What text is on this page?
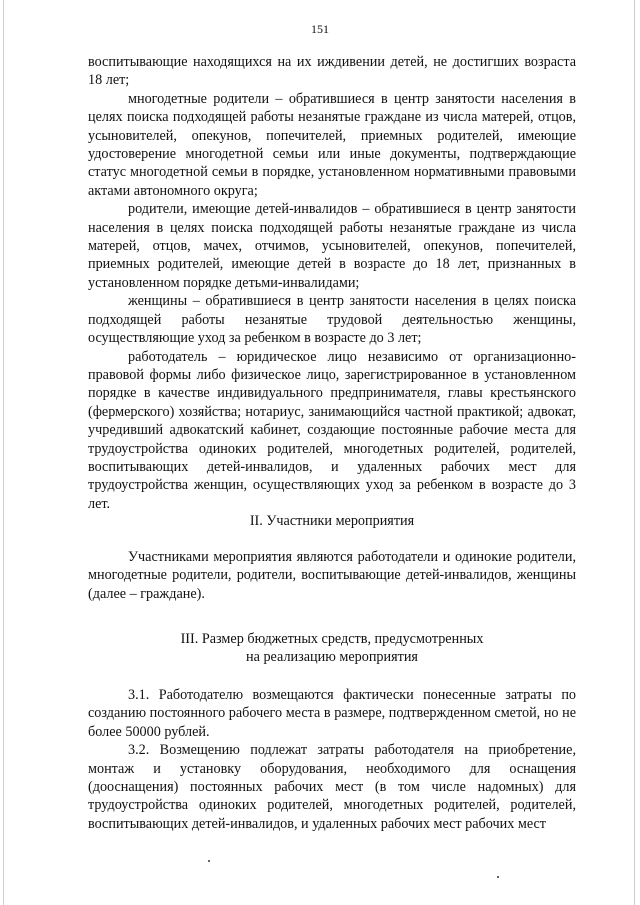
151

воспитывающие находящихся на их иждивении детей, не достигших возраста 18 лет;

многодетные родители – обратившиеся в центр занятости населения в целях поиска подходящей работы незанятые граждане из числа матерей, отцов, усыновителей, опекунов, попечителей, приемных родителей, имеющие удостоверение многодетной семьи или иные документы, подтверждающие статус многодетной семьи в порядке, установленном нормативными правовыми актами автономного округа;

родители, имеющие детей-инвалидов – обратившиеся в центр занятости населения в целях поиска подходящей работы незанятые граждане из числа матерей, отцов, мачех, отчимов, усыновителей, опекунов, попечителей, приемных родителей, имеющие детей в возрасте до 18 лет, признанных в установленном порядке детьми-инвалидами;

женщины – обратившиеся в центр занятости населения в целях поиска подходящей работы незанятые трудовой деятельностью женщины, осуществляющие уход за ребенком в возрасте до 3 лет;

работодатель – юридическое лицо независимо от организационно-правовой формы либо физическое лицо, зарегистрированное в установленном порядке в качестве индивидуального предпринимателя, главы крестьянского (фермерского) хозяйства; нотариус, занимающийся частной практикой; адвокат, учредивший адвокатский кабинет, создающие постоянные рабочие места для трудоустройства одиноких родителей, многодетных родителей, родителей, воспитывающих детей-инвалидов, и удаленных рабочих мест для трудоустройства женщин, осуществляющих уход за ребенком в возрасте до 3 лет.

II. Участники мероприятия

Участниками мероприятия являются работодатели и одинокие родители, многодетные родители, родители, воспитывающие детей-инвалидов, женщины (далее – граждане).

III. Размер бюджетных средств, предусмотренных
на реализацию мероприятия

3.1. Работодателю возмещаются фактически понесенные затраты по созданию постоянного рабочего места в размере, подтвержденном сметой, но не более 50000 рублей.

3.2. Возмещению подлежат затраты работодателя на приобретение, монтаж и установку оборудования, необходимого для оснащения (дооснащения) постоянных рабочих мест (в том числе надомных) для трудоустройства одиноких родителей, многодетных родителей, родителей, воспитывающих детей-инвалидов, и удаленных рабочих мест рабочих мест
